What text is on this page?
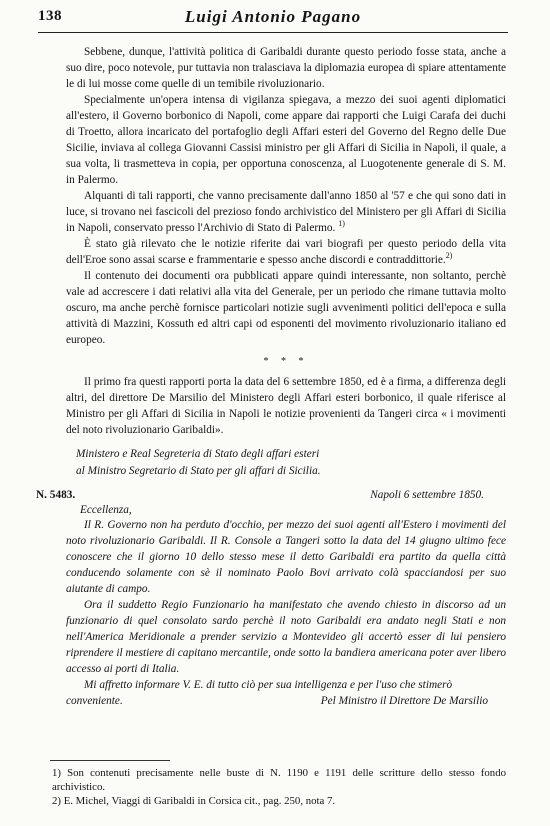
138	Luigi Antonio Pagano

Sebbene, dunque, l'attività politica di Garibaldi durante questo periodo fosse stata, anche a suo dire, poco notevole, pur tuttavia non tralasciava la diplomazia europea di spiare attentamente le di lui mosse come quelle di un temibile rivoluzionario.

Specialmente un'opera intensa di vigilanza spiegava, a mezzo dei suoi agenti diplomatici all'estero, il Governo borbonico di Napoli, come appare dai rapporti che Luigi Carafa dei duchi di Troetto, allora incaricato del portafoglio degli Affari esteri del Governo del Regno delle Due Sicilie, inviava al collega Giovanni Cassisi ministro per gli Affari di Sicilia in Napoli, il quale, a sua volta, li trasmetteva in copia, per opportuna conoscenza, al Luogotenente generale di S. M. in Palermo.

Alquanti di tali rapporti, che vanno precisamente dall'anno 1850 al '57 e che qui sono dati in luce, si trovano nei fascicoli del prezioso fondo archivistico del Ministero per gli Affari di Sicilia in Napoli, conservato presso l'Archivio di Stato di Palermo. $^{1)}$

È stato già rilevato che le notizie riferite dai vari biografi per questo periodo della vita dell'Eroe sono assai scarse e frammentarie e spesso anche discordi e contraddittorie.$^{2)}$

Il contenuto dei documenti ora pubblicati appare quindi interessante, non soltanto, perchè vale ad accrescere i dati relativi alla vita del Generale, per un periodo che rimane tuttavia molto oscuro, ma anche perchè fornisce particolari notizie sugli avvenimenti politici dell'epoca e sulla attività di Mazzini, Kossuth ed altri capi od esponenti del movimento rivoluzionario italiano ed europeo.

* * *

Il primo fra questi rapporti porta la data del 6 settembre 1850, ed è a firma, a differenza degli altri, del direttore De Marsilio del Ministero degli Affari esteri borbonico, il quale riferisce al Ministro per gli Affari di Sicilia in Napoli le notizie provenienti da Tangeri circa « i movimenti del noto rivoluzionario Garibaldi».

Ministero e Real Segreteria di Stato degli affari esteri
al Ministro Segretario di Stato per gli affari di Sicilia.
N. 5483.	Napoli 6 settembre 1850.
Eccellenza,

Il R. Governo non ha perduto d'occhio, per mezzo dei suoi agenti all'Estero i movimenti del noto rivoluzionario Garibaldi. Il R. Console a Tangeri sotto la data del 14 giugno ultimo fece conoscere che il giorno 10 dello stesso mese il detto Garibaldi era partito da quella città conducendo solamente con sè il nominato Paolo Bovi arrivato colà spacciandosi per suo aiutante di campo.

Ora il suddetto Regio Funzionario ha manifestato che avendo chiesto in discorso ad un funzionario di quel consolato sardo perchè il noto Garibaldi era andato negli Stati e non nell'America Meridionale a prender servizio a Montevideo gli accertò esser di lui pensiero riprendere il mestiere di capitano mercantile, onde sotto la bandiera americana poter aver libero accesso ai porti di Italia.

Mi affretto informare V. E. di tutto ciò per sua intelligenza e per l'uso che stimerò

conveniente.	Pel Ministro il Direttore De Marsilio

1) Son contenuti precisamente nelle buste di N. 1190 e 1191 delle scritture dello stesso fondo archivistico.

2) E. Michel, Viaggi di Garibaldi in Corsica cit., pag. 250, nota 7.
